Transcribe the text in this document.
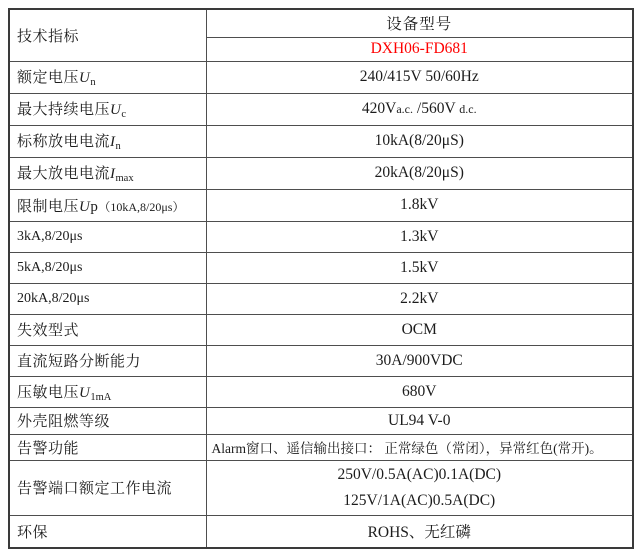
技术指标	设备型号
	DXH06-FD681
额定电压$U_n$	240/415V 50/60Hz

最大持续电压$U_c$	420Va.c. /560V d.c.

标称放电电流$I_n$	10kA(8/20μS)

最大放电电流$I_{max}$	20kA(8/20μS)

限制电压Up（10kA,8/20μs）	1.8kV

3kA,8/20μs	1.3kV

5kA,8/20μs	1.5kV

20kA,8/20μs	2.2kV

失效型式	OCM

直流短路分断能力	30A/900VDC

压敏电压$U_{1mA}$	680V

外壳阻燃等级	UL94 V-0

告警功能	Alarm窗口、遥信输出接口： 正常绿色（常闭），异常红色(常开)。

告警端口额定工作电流	250V/0.5A(AC)0.1A(DC)
125V/1A(AC)0.5A(DC)

环保	ROHS、无红磷
